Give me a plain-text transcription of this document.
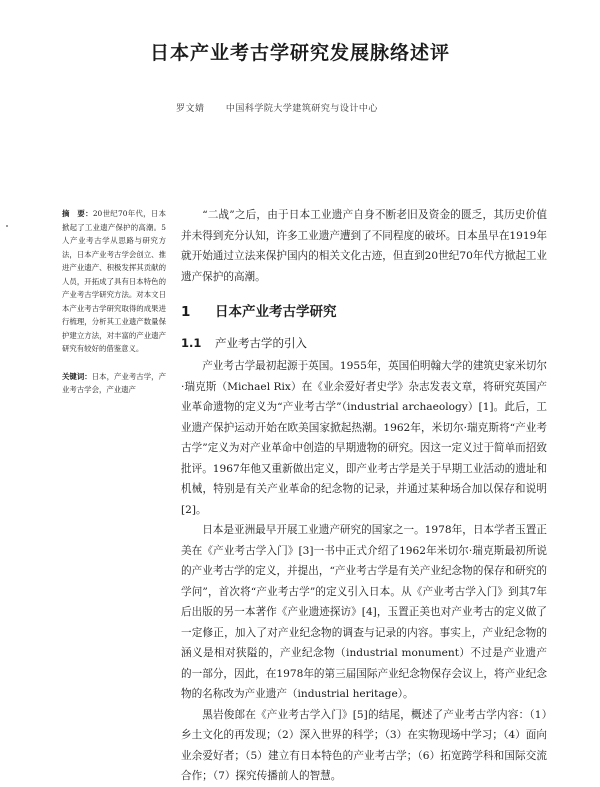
日本产业考古学研究发展脉络述评
罗文婧 中国科学院大学建筑研究与设计中心
摘　要：20世纪70年代，日本掀起了工业遗产保护的高潮。5人产业考古学从思路与研究方法，日本产业考古学会创立、推进产业遗产、积极发挥其贡献的人员，开拓成了具有日本特色的产业考古学研究方法。对本文日本产业考古学研究取得的成果进行梳理，分析其工业遗产数量保护建立方法，对丰富的产业遗产研究有较好的借鉴意义。
关键词：日本，产业考古学，产业考古学会，产业遗产

“二战”之后，由于日本工业遗产自身不断老旧及资金的匮乏，其历史价值并未得到充分认知，许多工业遗产遭到了不同程度的破坏。日本虽早在1919年就开始通过立法来保护国内的相关文化古迹，但直到20世纪70年代方掀起工业遗产保护的高潮。

1 日本产业考古学研究
1.1 产业考古学的引入

产业考古学最初起源于英国。1955年，英国伯明翰大学的建筑史家米切尔·瑞克斯（Michael Rix）在《业余爱好者史学》杂志发表文章，将研究英国产业革命遗物的定义为“产业考古学”（industrial archaeology）[1]。此后，工业遗产保护运动开始在欧美国家掀起热潮。1962年，米切尔·瑞克斯将“产业考古学”定义为对产业革命中创造的早期遗物的研究。因这一定义过于简单而招致批评。1967年他又重新做出定义，即产业考古学是关于早期工业活动的遗址和机械，特别是有关产业革命的纪念物的记录，并通过某种场合加以保存和说明[2]。

日本是亚洲最早开展工业遗产研究的国家之一。1978年，日本学者玉置正美在《产业考古学入门》[3]一书中正式介绍了1962年米切尔·瑞克斯最初所说的产业考古学的定义，并提出，“产业考古学是有关产业纪念物的保存和研究的学问”，首次将“产业考古学”的定义引入日本。从《产业考古学入门》到其7年后出版的另一本著作《产业遗迹探访》[4]，玉置正美也对产业考古的定义做了一定修正，加入了对产业纪念物的调查与记录的内容。事实上，产业纪念物的涵义是相对狭隘的，产业纪念物（industrial monument）不过是产业遗产的一部分，因此，在1978年的第三届国际产业纪念物保存会议上，将产业纪念物的名称改为产业遗产（industrial heritage）。

黑岩俊郎在《产业考古学入门》[5]的结尾，概述了产业考古学内容：（1）乡土文化的再发现；（2）深入世界的科学；（3）在实物现场中学习；（4）面向业余爱好者；（5）建立有日本特色的产业考古学；（6）拓宽跨学科和国际交流合作；（7）探究传播前人的智慧。
